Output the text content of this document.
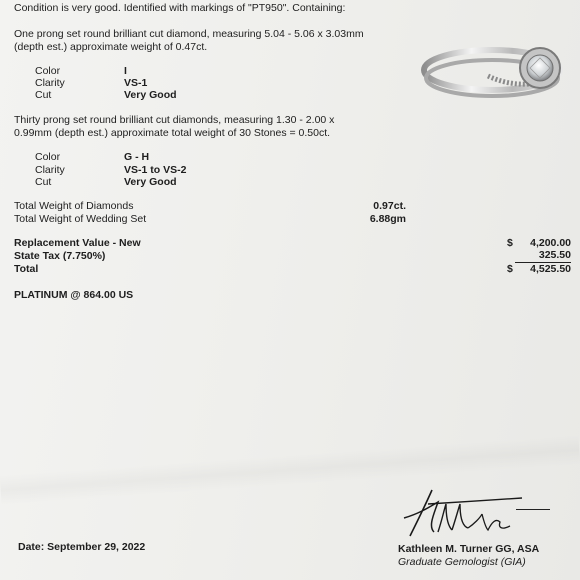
Condition is very good. Identified with markings of "PT950". Containing:
One prong set round brilliant cut diamond, measuring 5.04 - 5.06 x 3.03mm
(depth est.) approximate weight of 0.47ct.
Color	I
Clarity	VS-1
Cut	Very Good
Thirty prong set round brilliant cut diamonds, measuring 1.30 - 2.00 x
0.99mm (depth est.) approximate total weight of 30 Stones = 0.50ct.
Color	G - H
Clarity	VS-1 to VS-2
Cut	Very Good
Total Weight of Diamonds	0.97ct.
Total Weight of Wedding Set	6.88gm
Replacement Value - New	$	4,200.00
State Tax (7.750%)	325.50
Total	$	4,525.50
PLATINUM @ 864.00 US
Date: September 29, 2022	Kathleen M. Turner GG, ASA
Graduate Gemologist (GIA)
